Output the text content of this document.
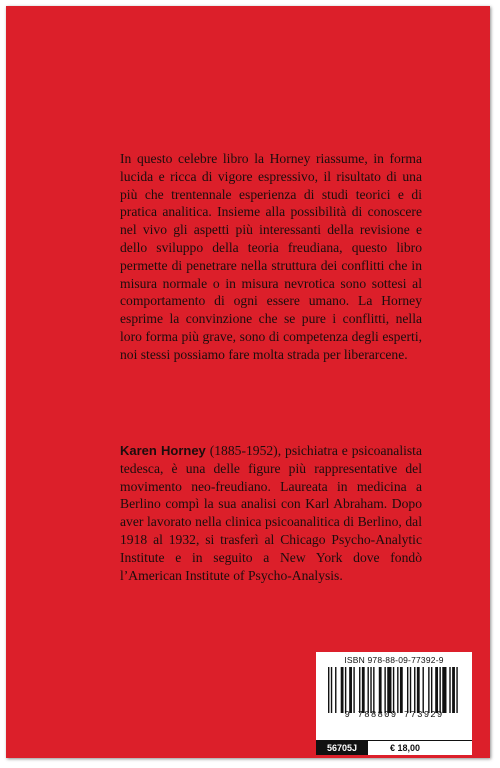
In questo celebre libro la Horney riassume, in forma lucida e ricca di vigore espressivo, il risultato di una più che trentennale esperienza di studi teorici e di pratica analitica. Insieme alla possibilità di conoscere nel vivo gli aspetti più interessanti della revisione e dello sviluppo della teoria freudiana, questo libro permette di penetrare nella struttura dei conflitti che in misura normale o in misura nevrotica sono sottesi al comportamento di ogni essere umano. La Horney esprime la convinzione che se pure i conflitti, nella loro forma più grave, sono di competenza degli esperti, noi stessi possiamo fare molta strada per liberarcene.

Karen Horney (1885-1952), psichiatra e psicoanalista tedesca, è una delle figure più rappresentative del movimento neo-freudiano. Laureata in medicina a Berlino compì la sua analisi con Karl Abraham. Dopo aver lavorato nella clinica psicoanalitica di Berlino, dal 1918 al 1932, si trasferì al Chicago Psycho-Analytic Institute e in seguito a New York dove fondò l’American Institute of Psycho-Analysis.

ISBN 978-88-09-77392-9
9 788809 773929
56705J	€ 18,00
